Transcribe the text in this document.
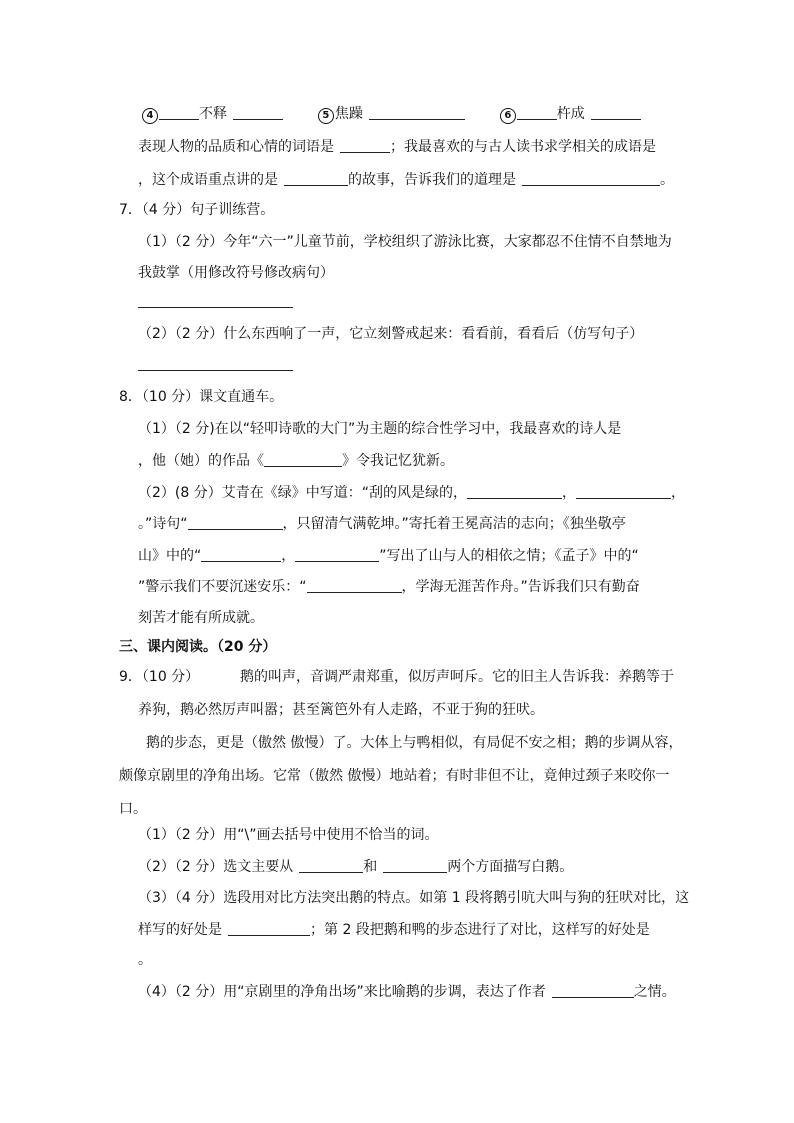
4	不释	5 焦躁	6	杵成
表现人物的品质和心情的词语是	；我最喜欢的与古人读书求学相关的成语是
，这个成语重点讲的是	的故事，告诉我们的道理是	。
7．（4 分）句子训练营。
（1）（2 分）今年“六一”儿童节前，学校组织了游泳比赛，大家都忍不住情不自禁地为
我鼓掌（用修改符号修改病句）
（2）（2 分）什么东西响了一声，它立刻警戒起来：看看前，看看后（仿写句子）
8．（10 分）课文直通车。
（1）（2 分)在以“轻叩诗歌的大门”为主题的综合性学习中，我最喜欢的诗人是
，他（她）的作品《	》令我记忆犹新。
（2）(8 分）艾青在《绿》中写道：“刮的风是绿的，	，	，
。”诗句“	，只留清气满乾坤。”寄托着王冕高洁的志向；《独坐敬亭
山》中的“	，	”写出了山与人的相依之情；《孟子》中的“
”警示我们不要沉迷安乐：“	，学海无涯苦作舟。”告诉我们只有勤奋
刻苦才能有所成就。
三、课内阅读。（20 分）
9．（10 分）	鹅的叫声，音调严肃郑重，似厉声呵斥。它的旧主人告诉我：养鹅等于
养狗，鹅必然厉声叫嚣；甚至篱笆外有人走路，不亚于狗的狂吠。
鹅的步态，更是（傲然 傲慢）了。大体上与鸭相似，有局促不安之相；鹅的步调从容，
颇像京剧里的净角出场。它常（傲然 傲慢）地站着；有时非但不让，竟伸过颈子来咬你一
口。
（1）（2 分）用“\”画去括号中使用不恰当的词。
（2）（2 分）选文主要从	和	两个方面描写白鹅。
（3）（4 分）选段用对比方法突出鹅的特点。如第 1 段将鹅引吭大叫与狗的狂吠对比，这
样写的好处是	；第 2 段把鹅和鸭的步态进行了对比，这样写的好处是
。
（4）（2 分）用“京剧里的净角出场”来比喻鹅的步调，表达了作者	之情。
